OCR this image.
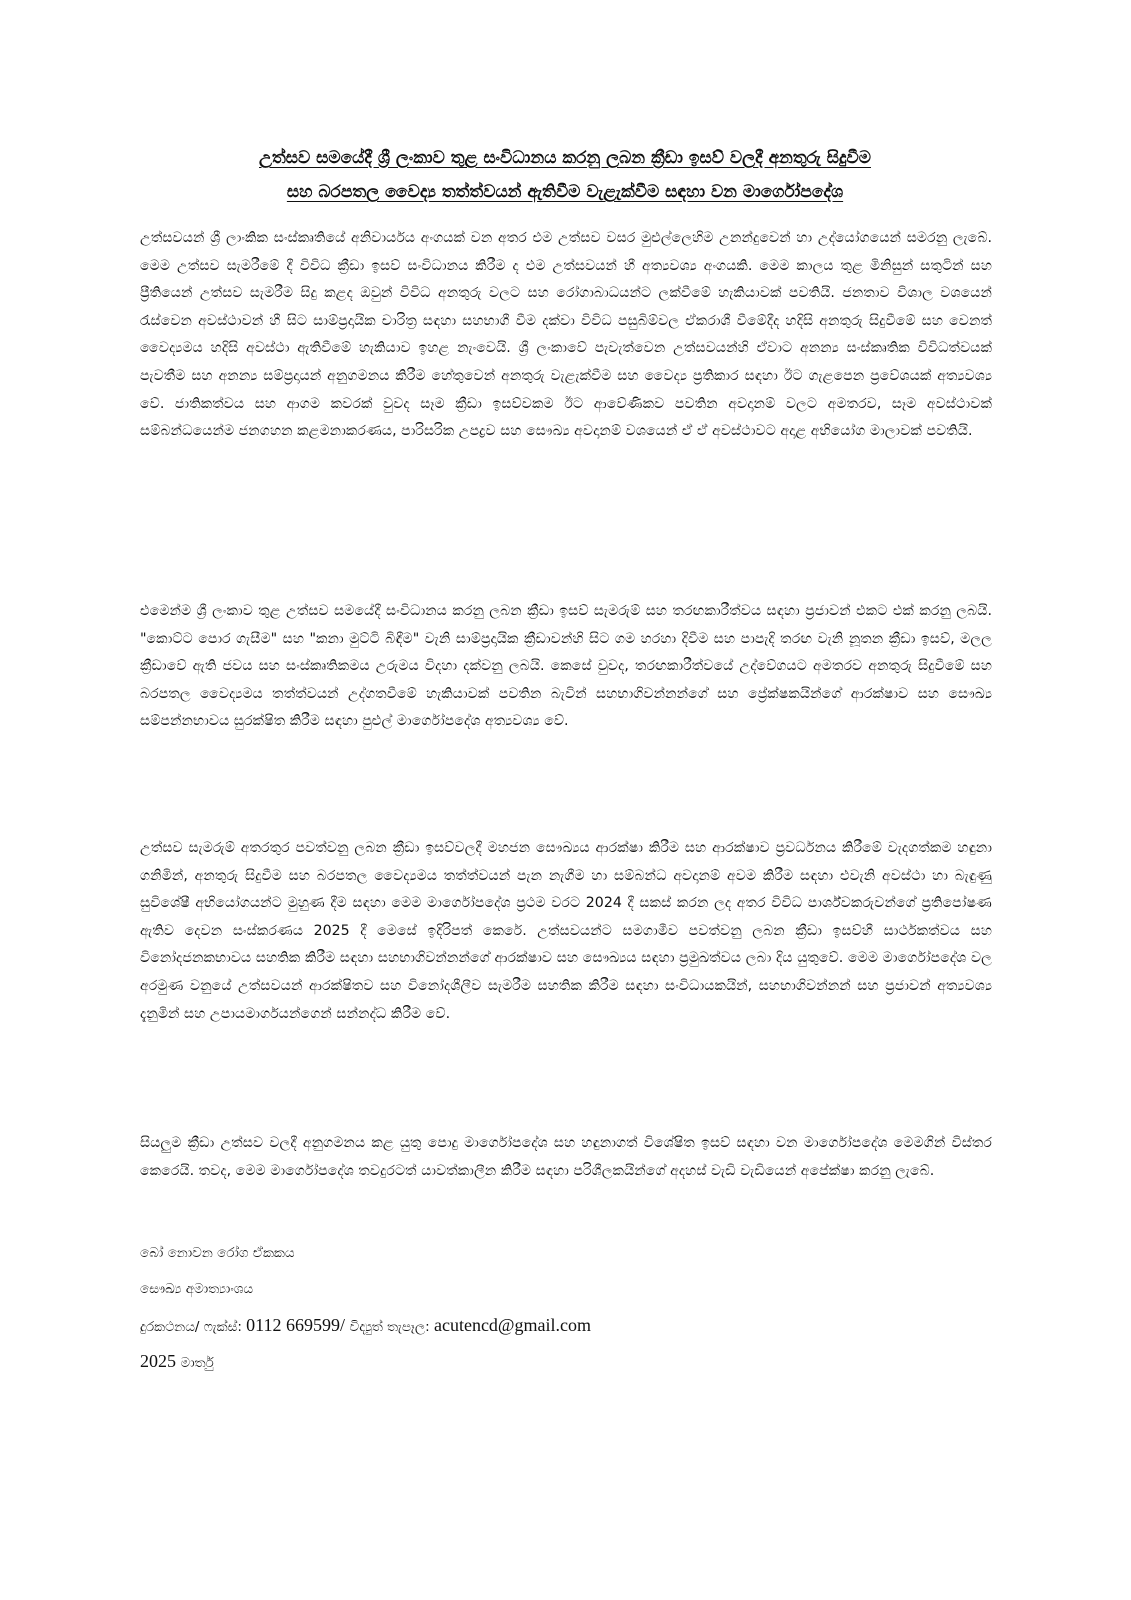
උත්සව සමයේදී ශ්‍රී ලංකාව තුළ සංවිධානය කරනු ලබන ක්‍රීඩා ඉසව් වලදී අනතුරු සිදුවීම
සහ බරපතල වෛද්‍ය තත්ත්වයන් ඇතිවීම වැළැක්වීම සඳහා වන මාර්ගෝපදේශ

උත්සවයන් ශ්‍රී ලාංකික සංස්කෘතියේ අනිවාර්යය අංගයක් වන අතර එම උත්සව වසර මුළුල්ලෙහිම උනන්දුවෙන් හා උද්යෝගයෙන් සමරනු ලැබේ. මෙම උත්සව සැමරීමේ දී විවිධ ක්‍රීඩා ඉසව් සංවිධානය කිරීම ද එම උත්සවයන් හී අත්‍යවශ්‍ය අංගයකි. මෙම කාලය තුළ මිනිසුන් සතුටින් සහ ප්‍රීතියෙන් උත්සව සැමරීම සිදු කළද ඔවුන් විවිධ අනතුරු වලට සහ රෝගාබාධයන්ට ලක්වීමේ හැකියාවක් පවතියි. ජනතාව විශාල වශයෙන් රැස්වෙන අවස්ථාවන් හී සිට සාම්ප්‍රදායික චාරිත්‍ර සඳහා සහභාගී වීම දක්වා විවිධ පසුබිම්වල ඒකරාශී වීමේදීද හදිසි අනතුරු සිදුවීමේ සහ වෙනත් වෛද්‍යමය හදිසි අවස්ථා ඇතිවීමේ හැකියාව ඉහළ නැංවෙයි. ශ්‍රී ලංකාවේ පැවැත්වෙන උත්සවයන්හි ඒවාට අනන්‍ය සංස්කෘතික විවිධත්වයක් පැවතීම සහ අනන්‍ය සම්ප්‍රදායන් අනුගමනය කිරීම හේතුවෙන් අනතුරු වැළැක්වීම සහ වෛද්‍ය ප්‍රතිකාර සඳහා ඊට ගැළපෙන ප්‍රවේශයක් අත්‍යවශ්‍ය වේ. ජාතිකත්වය සහ ආගම කවරක් වුවද සෑම ක්‍රීඩා ඉසව්වකම ඊට ආවේණිකව පවතින අවදානම් වලට අමතරව, සෑම අවස්ථාවක් සම්බන්ධයෙන්ම ජනගහන කළමනාකරණය, පාරිසරික උපද්‍රව සහ සෞඛ්‍ය අවදානම් වශයෙන් ඒ ඒ අවස්ථාවට අදාළ අභියෝග මාලාවක් පවතියි.

එමෙන්ම ශ්‍රී ලංකාව තුළ උත්සව සමයේදී සංවිධානය කරනු ලබන ක්‍රීඩා ඉසව් සැමරුම් සහ තරඟකාරීත්වය සඳහා ප්‍රජාවන් එකට එක් කරනු ලබයි. "කොට්ට පොර ගැසීම" සහ "කනා මුට්ටි බිඳීම" වැනි සාම්ප්‍රදායික ක්‍රීඩාවන්හි සිට ගම හරහා දිවීම සහ පාපැදි තරඟ වැනි නූතන ක්‍රීඩා ඉසව්, මලල ක්‍රීඩාවේ ඇති ජවය සහ සංස්කෘතිකමය උරුමය විදහා දක්වනු ලබයි. කෙසේ වුවද, තරඟකාරීත්වයේ උද්වේගයට අමතරව අනතුරු සිදුවීමේ සහ බරපතල වෛද්‍යමය තත්ත්වයන් උද්ගතවීමේ හැකියාවක් පවතින බැවින් සහභාගිවන්නන්ගේ සහ ප්‍රේක්ෂකයින්ගේ ආරක්ෂාව සහ සෞඛ්‍ය සම්පන්නභාවය සුරක්ෂිත කිරීම සඳහා පුළුල් මාර්ගෝපදේශ අත්‍යවශ්‍ය වේ.

උත්සව සැමරුම් අතරතුර පවත්වනු ලබන ක්‍රීඩා ඉසව්වලදී මහජන සෞඛ්‍යය ආරක්ෂා කිරීම සහ ආරක්ෂාව ප්‍රවර්ධනය කිරීමේ වැදගත්කම හඳුනා ගනිමින්, අනතුරු සිදුවීම සහ බරපතල වෛද්‍යමය තත්ත්වයන් පැන නැගීම හා සම්බන්ධ අවදානම් අවම කිරීම සඳහා එවැනි අවස්ථා හා බැඳුණු සුවිශේෂී අභියෝගයන්ට මුහුණ දීම සඳහා මෙම මාර්ගෝපදේශ ප්‍රථම වරට 2024 දී සකස් කරන ලද අතර විවිධ පාර්ශ්වකරුවන්ගේ ප්‍රතිපෝෂණ ඇතිව දෙවන සංස්කරණය 2025 දී මෙසේ ඉදිරිපත් කෙරේ. උත්සවයන්ට සමගාමීව පවත්වනු ලබන ක්‍රීඩා ඉසව්හී සාර්ථකත්වය සහ විනෝදජනකභාවය සහතික කිරීම සඳහා සහභාගිවන්නන්ගේ ආරක්ෂාව සහ සෞඛ්‍යය සඳහා ප්‍රමුඛත්වය ලබා දිය යුතුවේ. මෙම මාර්ගෝපදේශ වල අරමුණ වනුයේ උත්සවයන් ආරක්ෂිතව සහ විනෝදශීලීව සැමරීම සහතික කිරීම සඳහා සංවිධායකයින්, සහභාගිවන්නන් සහ ප්‍රජාවන් අත්‍යවශ්‍ය දැනුමින් සහ උපායමාර්ගයන්ගෙන් සන්නද්ධ කිරීම වේ.

සියලුම ක්‍රීඩා උත්සව වලදී අනුගමනය කළ යුතු පොදු මාර්ගෝපදේශ සහ හඳුනාගත් විශේෂිත ඉසව් සඳහා වන මාර්ගෝපදේශ මෙමගින් විස්තර කෙරෙයි. තවද, මෙම මාර්ගෝපදේශ තවදුරටත් යාවත්කාලීන කිරීම සඳහා පරිශීලකයින්ගේ අදහස් වැඩි වැඩියෙන් අපේක්ෂා කරනු ලැබේ.

බෝ නොවන රෝග ඒකකය
සෞඛ්‍ය අමාත්‍යාංශය
දුරකථනය/ ෆැක්ස්: 0112 669599/ විද්‍යුත් තැපෑල: acutencd@gmail.com
2025 මාර්තු
